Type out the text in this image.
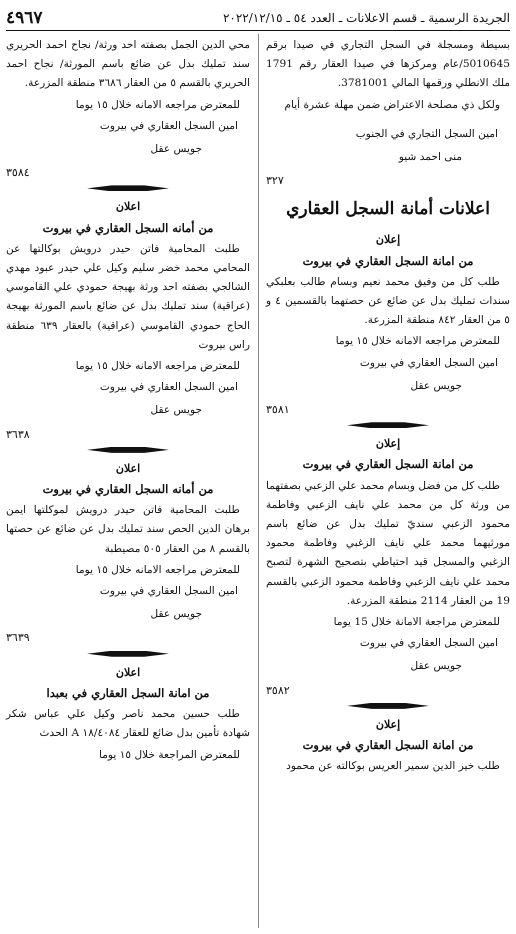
الجريدة الرسمية ـ قسم الاعلانات ـ العدد ٥٤ ـ ٢٠٢٢/١٢/١٥
٤٩٦٧

بسيطة ومسجلة في السجل التجاري في صيدا برقم 5010645/عام ومركزها في صيدا العقار رقم 1791 ملك الانطلي ورقمها المالي 3781001.

ولكل ذي مصلحة الاعتراض ضمن مهلة عشرة أيام

امين السجل التجاري في الجنوب

منى احمد شيو

٣٢٧

اعلانات أمانة السجل العقاري

إعلان

من امانة السجل العقاري في بيروت

طلب كل من وفيق محمد نعيم وبسام طالب بعلبكي سندات تمليك بدل عن ضائع عن حصتهما بالقسمين ٤ و ٥ من العقار ٨٤٢ منطقة المزرعة.

للمعترض مراجعه الامانه خلال ١٥ يوما

امين السجل العقاري في بيروت

جويس عقل

٣٥٨١

إعلان

من امانة السجل العقاري في بيروت

طلب كل من فضل وبسام محمد علي الزعبي بصفتهما من ورثة كل من محمد علي نايف الزعبي وفاطمة محمود الزعبي سنديّ تمليك بدل عن ضائع باسم مورثيهما محمد علي نايف الزغبي وفاطمة محمود الزغبي والمسجل قيد احتياطي بتصحيح الشهرة لتصبح محمد علي نايف الزعبي وفاطمة محمود الزعبي بالقسم 19 من العقار 2114 منطقة المزرعة.

للمعترض مراجعة الامانة خلال 15 يوما

امين السجل العقاري في بيروت

جويس عقل

٣٥٨٢

إعلان

من امانة السجل العقاري في بيروت

طلب خير الدين سمير العريس بوكالته عن محمود

محي الدين الجمل بصفته احد ورثة/ نجاح احمد الحريري سند تمليك بدل عن ضائع باسم المورثة/ نجاح احمد الحريري بالقسم ٥ من العقار ٣٦٨٦ منطقة المزرعة.

للمعترض مراجعه الامانه خلال ١٥ يوما

امين السجل العقاري في بيروت

جويس عقل

٣٥٨٤

اعلان

من أمانه السجل العقاري في بيروت

طلبت المحامية فاتن حيدر درويش بوكالتها عن المحامي محمد خضر سليم وكيل علي حيدر عبود مهدي الشالجي بصفته احد ورثة بهيجة حمودي علي القاموسي (عراقية) سند تمليك بدل عن ضائع باسم المورثة بهيجة الحاج حمودي القاموسي (عراقية) بالعقار ٦٣٩ منطقة راس بيروت

للمعترض مراجعه الامانه خلال ١٥ يوما

امين السجل العقاري في بيروت

جويس عقل

٣٦٣٨

اعلان

من أمانه السجل العقاري في بيروت

طلبت المحامية فاتن حيدر درويش لموكلتها ايمن برهان الدين الحص سند تمليك بدل عن ضائع عن حصتها بالقسم ٨ من العقار ٥٠٥ مصيطبة

للمعترض مراجعه الامانه خلال ١٥ يوما

امين السجل العقاري في بيروت

جويس عقل

٣٦٣٩

اعلان

من امانة السجل العقاري في بعبدا

طلب حسين محمد ناصر وكيل علي عباس شكر شهادة تأمين بدل ضائع للعقار ١٨/٤٠٨٤ A الحدث

للمعترض المراجعة خلال ١٥ يوما
